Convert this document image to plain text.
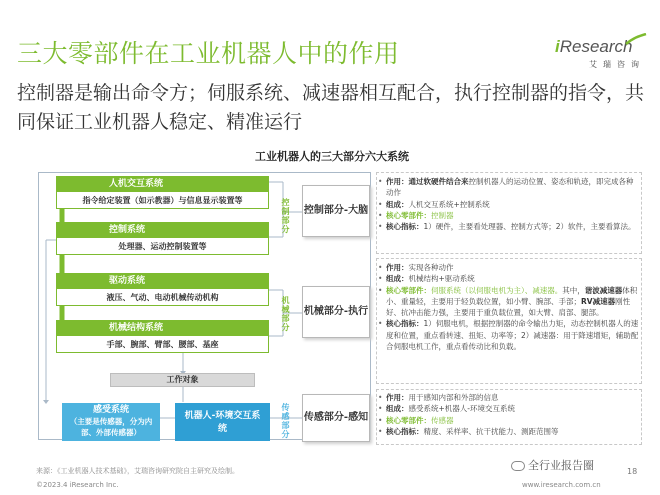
三大零部件在工业机器人中的作用	iResearch
艾瑞咨询
控制器是输出命令方；伺服系统、减速器相互配合，执行控制器的指令，共同保证工业机器人稳定、精准运行
工业机器人的三大部分六大系统
人机交互系统
指令给定装置（如示教器）与信息显示装置等
控制系统
处理器、运动控制装置等
驱动系统
液压、气动、电动机械传动机构
机械结构系统
手部、腕部、臂部、腰部、基座
工作对象
感受系统
（主要是传感器，分为内部、外部传感器）
机器人-环境交互系统
控制部分
机械部分
传感部分
控制部分-大脑
机械部分-执行
传感部分-感知

• 作用：通过软硬件结合来控制机器人的运动位置、姿态和轨迹，即完成各种动作

• 组成：人机交互系统+控制系统

• 核心零部件：控制器

• 核心指标：1）硬件，主要看处理器、控制方式等；2）软件，主要看算法。

• 作用：实现各种动作

• 组成：机械结构+驱动系统

• 核心零部件：伺服系统（以伺服电机为主）、减速器。其中，谐波减速器体积小、重量轻，主要用于轻负载位置，如小臂、腕部、手部；RV减速器刚性好、抗冲击能力强，主要用于重负载位置，如大臂、肩部、腿部。

• 核心指标：1）伺服电机，根据控制器的命令输出力矩，动态控制机器人的速度和位置，重点看转速、扭矩、功率等；2）减速器：用于降速增矩，辅助配合伺服电机工作，重点看传动比和负载。

• 作用：用于感知内部和外部的信息

• 组成：感受系统+机器人-环境交互系统

• 核心零部件：传感器

• 核心指标：精度、采样率、抗干扰能力、测距范围等

来源：《工业机器人技术基础》，艾瑞咨询研究院自主研究及绘制。
©2023.4 iResearch Inc.	www.iresearch.com.cn
18
全行业报告圈
